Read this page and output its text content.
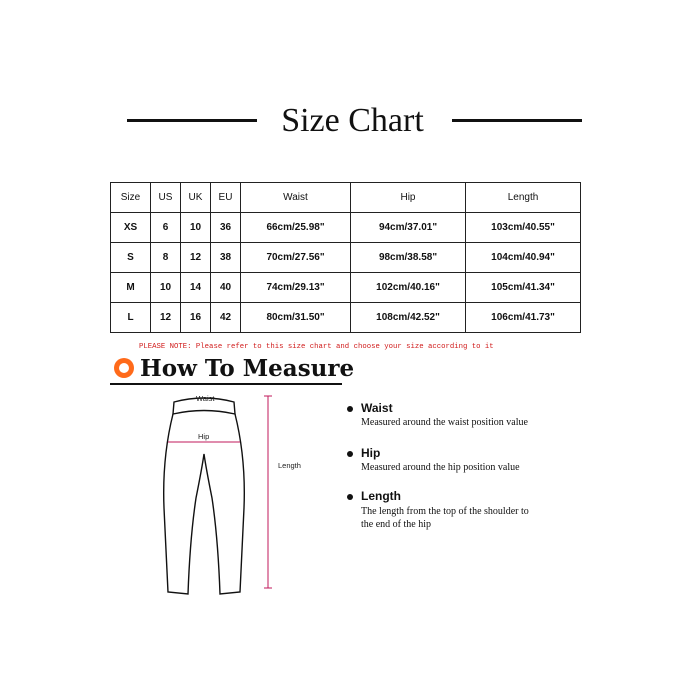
Size Chart
Size	US	UK	EU	Waist	Hip	Length
XS	6	10	36	66cm/25.98"	94cm/37.01"	103cm/40.55"
S	8	12	38	70cm/27.56"	98cm/38.58"	104cm/40.94"
M	10	14	40	74cm/29.13"	102cm/40.16"	105cm/41.34"
L	12	16	42	80cm/31.50"	108cm/42.52"	106cm/41.73"
PLEASE NOTE: Please refer to this size chart and choose your size according to it
How To Measure
Waist
Hip
Length
Waist
Measured around the waist position value
Hip
Measured around the hip position value
Length
The length from the top of the shoulder to
the end of the hip
